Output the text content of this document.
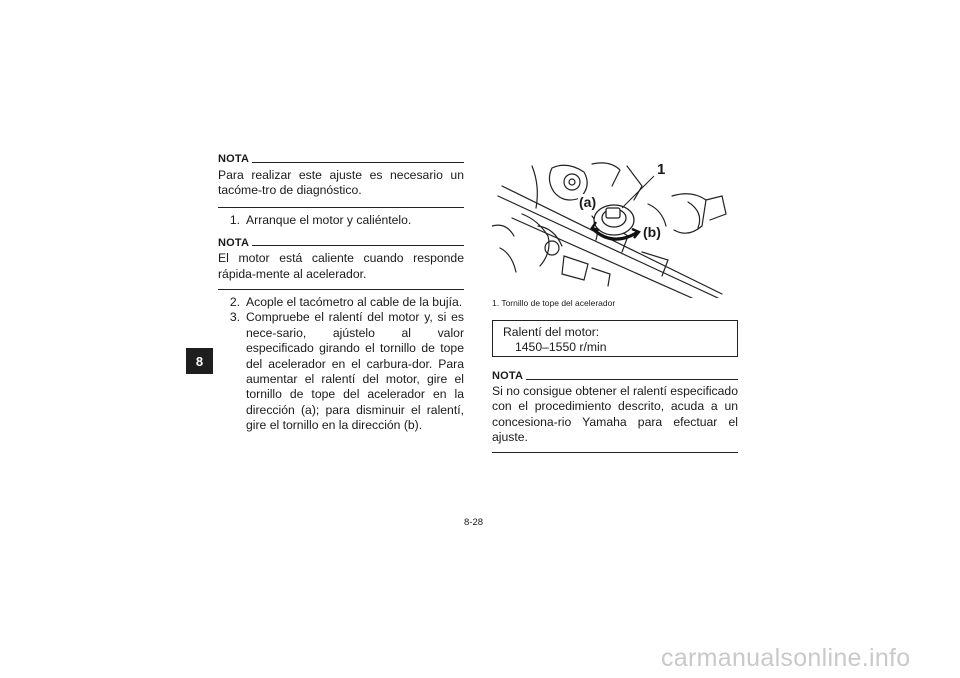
8
NOTA
Para realizar este ajuste es necesario un tacóme-tro de diagnóstico.
1. Arranque el motor y caliéntelo.
NOTA
El motor está caliente cuando responde rápida-mente al acelerador.
2. Acople el tacómetro al cable de la bujía.
3. Compruebe el ralentí del motor y, si es nece-sario, ajústelo al valor especificado girando el tornillo de tope del acelerador en el carbura-dor. Para aumentar el ralentí del motor, gire el tornillo de tope del acelerador en la dirección (a); para disminuir el ralentí, gire el tornillo en la dirección (b).
1
(a)
(b)
1. Tornillo de tope del acelerador
Ralentí del motor:
1450–1550 r/min
NOTA
Si no consigue obtener el ralentí especificado con el procedimiento descrito, acuda a un concesiona-rio Yamaha para efectuar el ajuste.
8-28
carmanualsonline.info
